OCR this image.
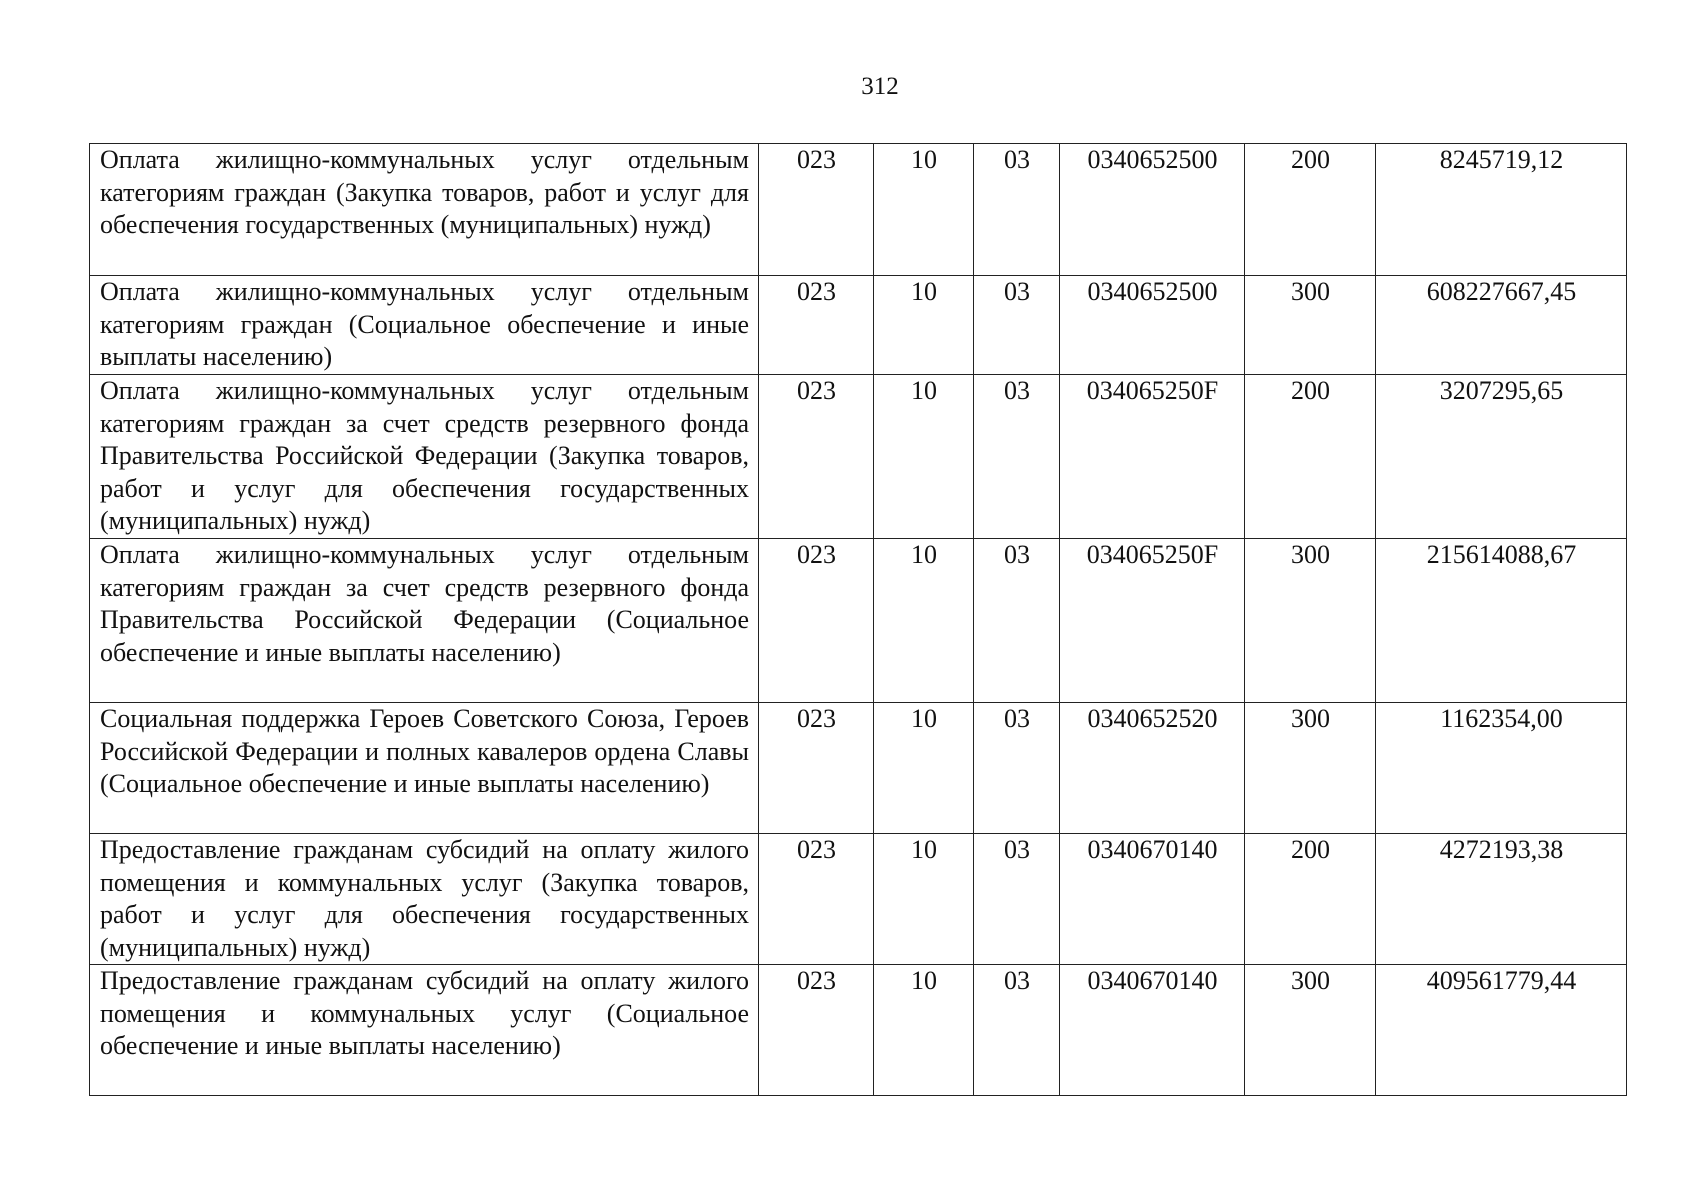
312
Оплата жилищно-коммунальных услуг отдельным категориям граждан (Закупка товаров, работ и услуг для обеспечения государственных (муниципальных) нужд)	023	10	03	0340652500	200	8245719,12
Оплата жилищно-коммунальных услуг отдельным категориям граждан (Социальное обеспечение и иные выплаты населению)	023	10	03	0340652500	300	608227667,45
Оплата жилищно-коммунальных услуг отдельным категориям граждан за счет средств резервного фонда Правительства Российской Федерации (Закупка товаров, работ и услуг для обеспечения государственных (муниципальных) нужд)	023	10	03	034065250F	200	3207295,65
Оплата жилищно-коммунальных услуг отдельным категориям граждан за счет средств резервного фонда Правительства Российской Федерации (Социальное обеспечение и иные выплаты населению)	023	10	03	034065250F	300	215614088,67
Социальная поддержка Героев Советского Союза, Героев Российской Федерации и полных кавалеров ордена Славы (Социальное обеспечение и иные выплаты населению)	023	10	03	0340652520	300	1162354,00
Предоставление гражданам субсидий на оплату жилого помещения и коммунальных услуг (Закупка товаров, работ и услуг для обеспечения государственных (муниципальных) нужд)	023	10	03	0340670140	200	4272193,38
Предоставление гражданам субсидий на оплату жилого помещения и коммунальных услуг (Социальное обеспечение и иные выплаты населению)	023	10	03	0340670140	300	409561779,44
